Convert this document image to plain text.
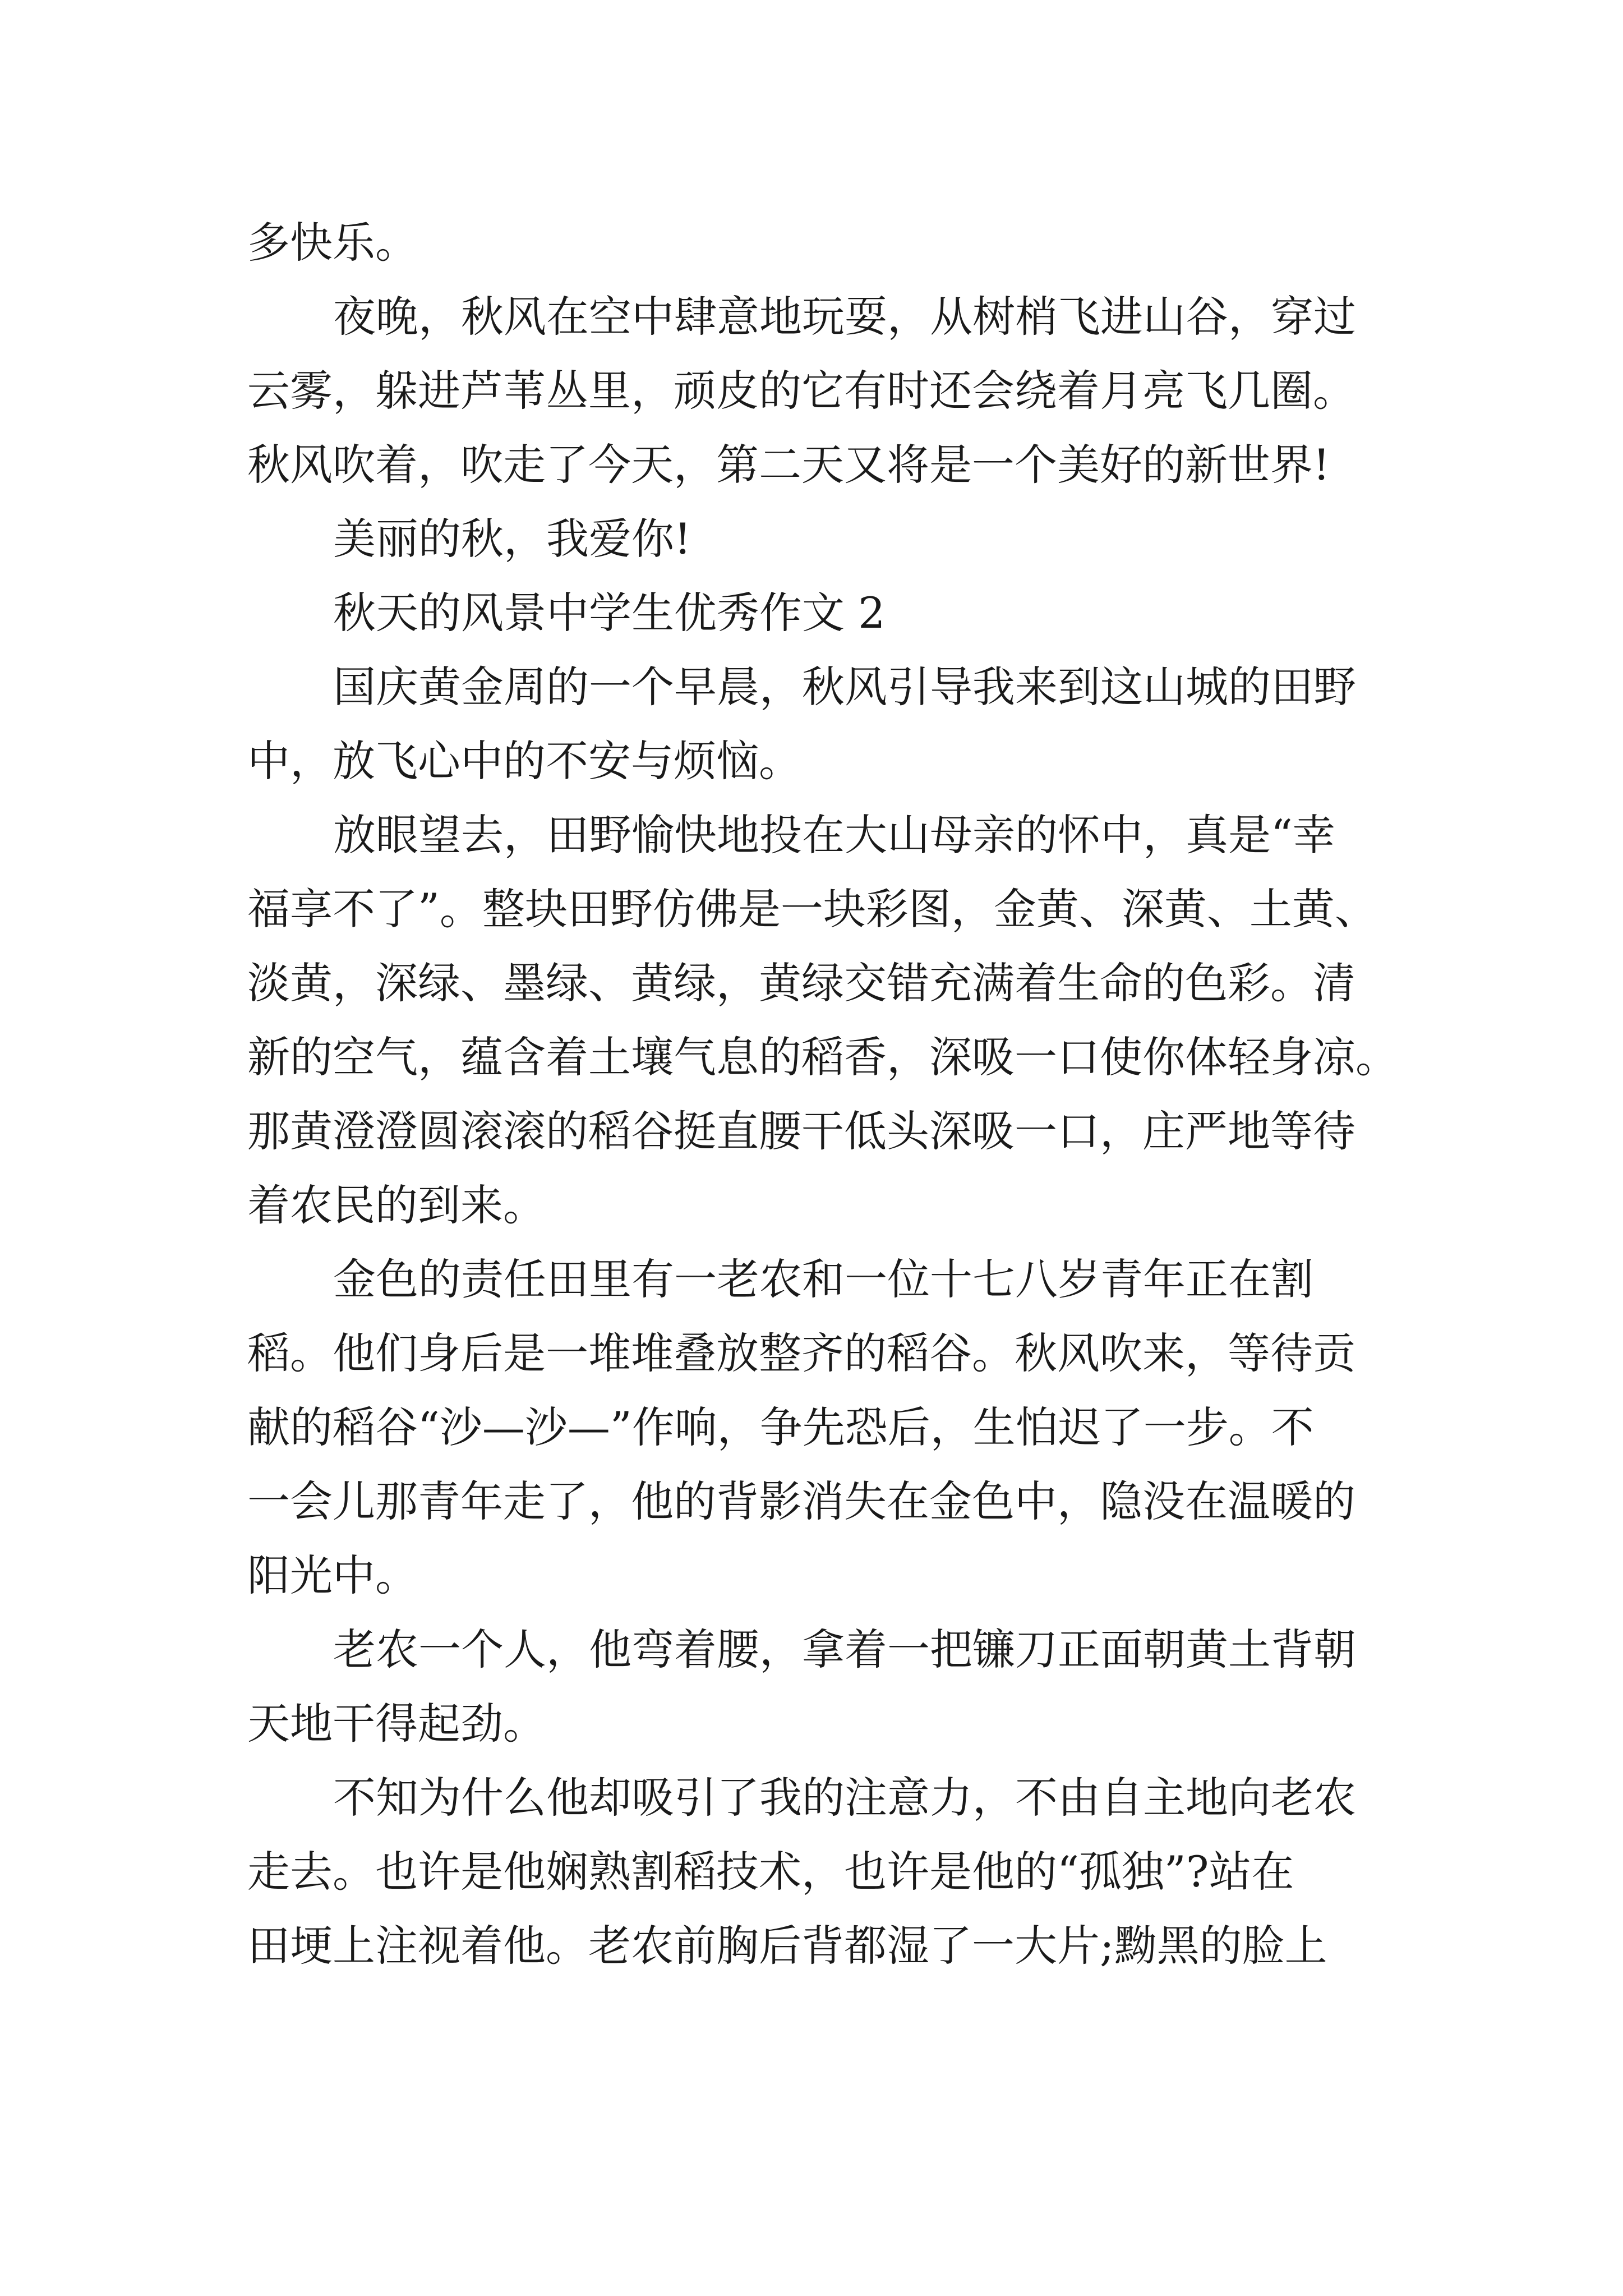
多快乐。
夜晚，秋风在空中肆意地玩耍，从树梢飞进山谷，穿过
云雾，躲进芦苇丛里，顽皮的它有时还会绕着月亮飞几圈。
秋风吹着，吹走了今天，第二天又将是一个美好的新世界!
美丽的秋，我爱你!
秋天的风景中学生优秀作文 2
国庆黄金周的一个早晨，秋风引导我来到这山城的田野
中，放飞心中的不安与烦恼。
放眼望去，田野愉快地投在大山母亲的怀中，真是“幸
福享不了”。整块田野仿佛是一块彩图，金黄、深黄、土黄、
淡黄，深绿、墨绿、黄绿，黄绿交错充满着生命的色彩。清
新的空气，蕴含着土壤气息的稻香，深吸一口使你体轻身凉。
那黄澄澄圆滚滚的稻谷挺直腰干低头深吸一口，庄严地等待
着农民的到来。
金色的责任田里有一老农和一位十七八岁青年正在割
稻。他们身后是一堆堆叠放整齐的稻谷。秋风吹来，等待贡
献的稻谷“沙—沙—”作响，争先恐后，生怕迟了一步。不
一会儿那青年走了，他的背影消失在金色中，隐没在温暖的
阳光中。
老农一个人，他弯着腰，拿着一把镰刀正面朝黄土背朝
天地干得起劲。
不知为什么他却吸引了我的注意力，不由自主地向老农
走去。也许是他娴熟割稻技术，也许是他的“孤独”?站在
田埂上注视着他。老农前胸后背都湿了一大片;黝黑的脸上
